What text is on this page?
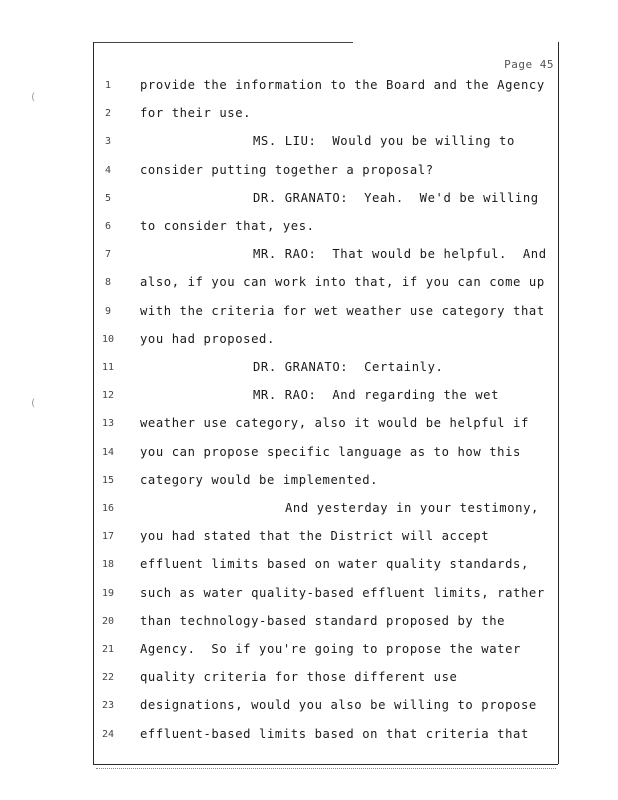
(
(
Page 45
1	provide the information to the Board and the Agency
2	for their use.
3	MS. LIU:  Would you be willing to
4	consider putting together a proposal?
5	DR. GRANATO:  Yeah.  We'd be willing
6	to consider that, yes.
7	MR. RAO:  That would be helpful.  And
8	also, if you can work into that, if you can come up
9	with the criteria for wet weather use category that
10	you had proposed.
11	DR. GRANATO:  Certainly.
12	MR. RAO:  And regarding the wet
13	weather use category, also it would be helpful if
14	you can propose specific language as to how this
15	category would be implemented.
16	And yesterday in your testimony,
17	you had stated that the District will accept
18	effluent limits based on water quality standards,
19	such as water quality-based effluent limits, rather
20	than technology-based standard proposed by the
21	Agency.  So if you're going to propose the water
22	quality criteria for those different use
23	designations, would you also be willing to propose
24	effluent-based limits based on that criteria that
